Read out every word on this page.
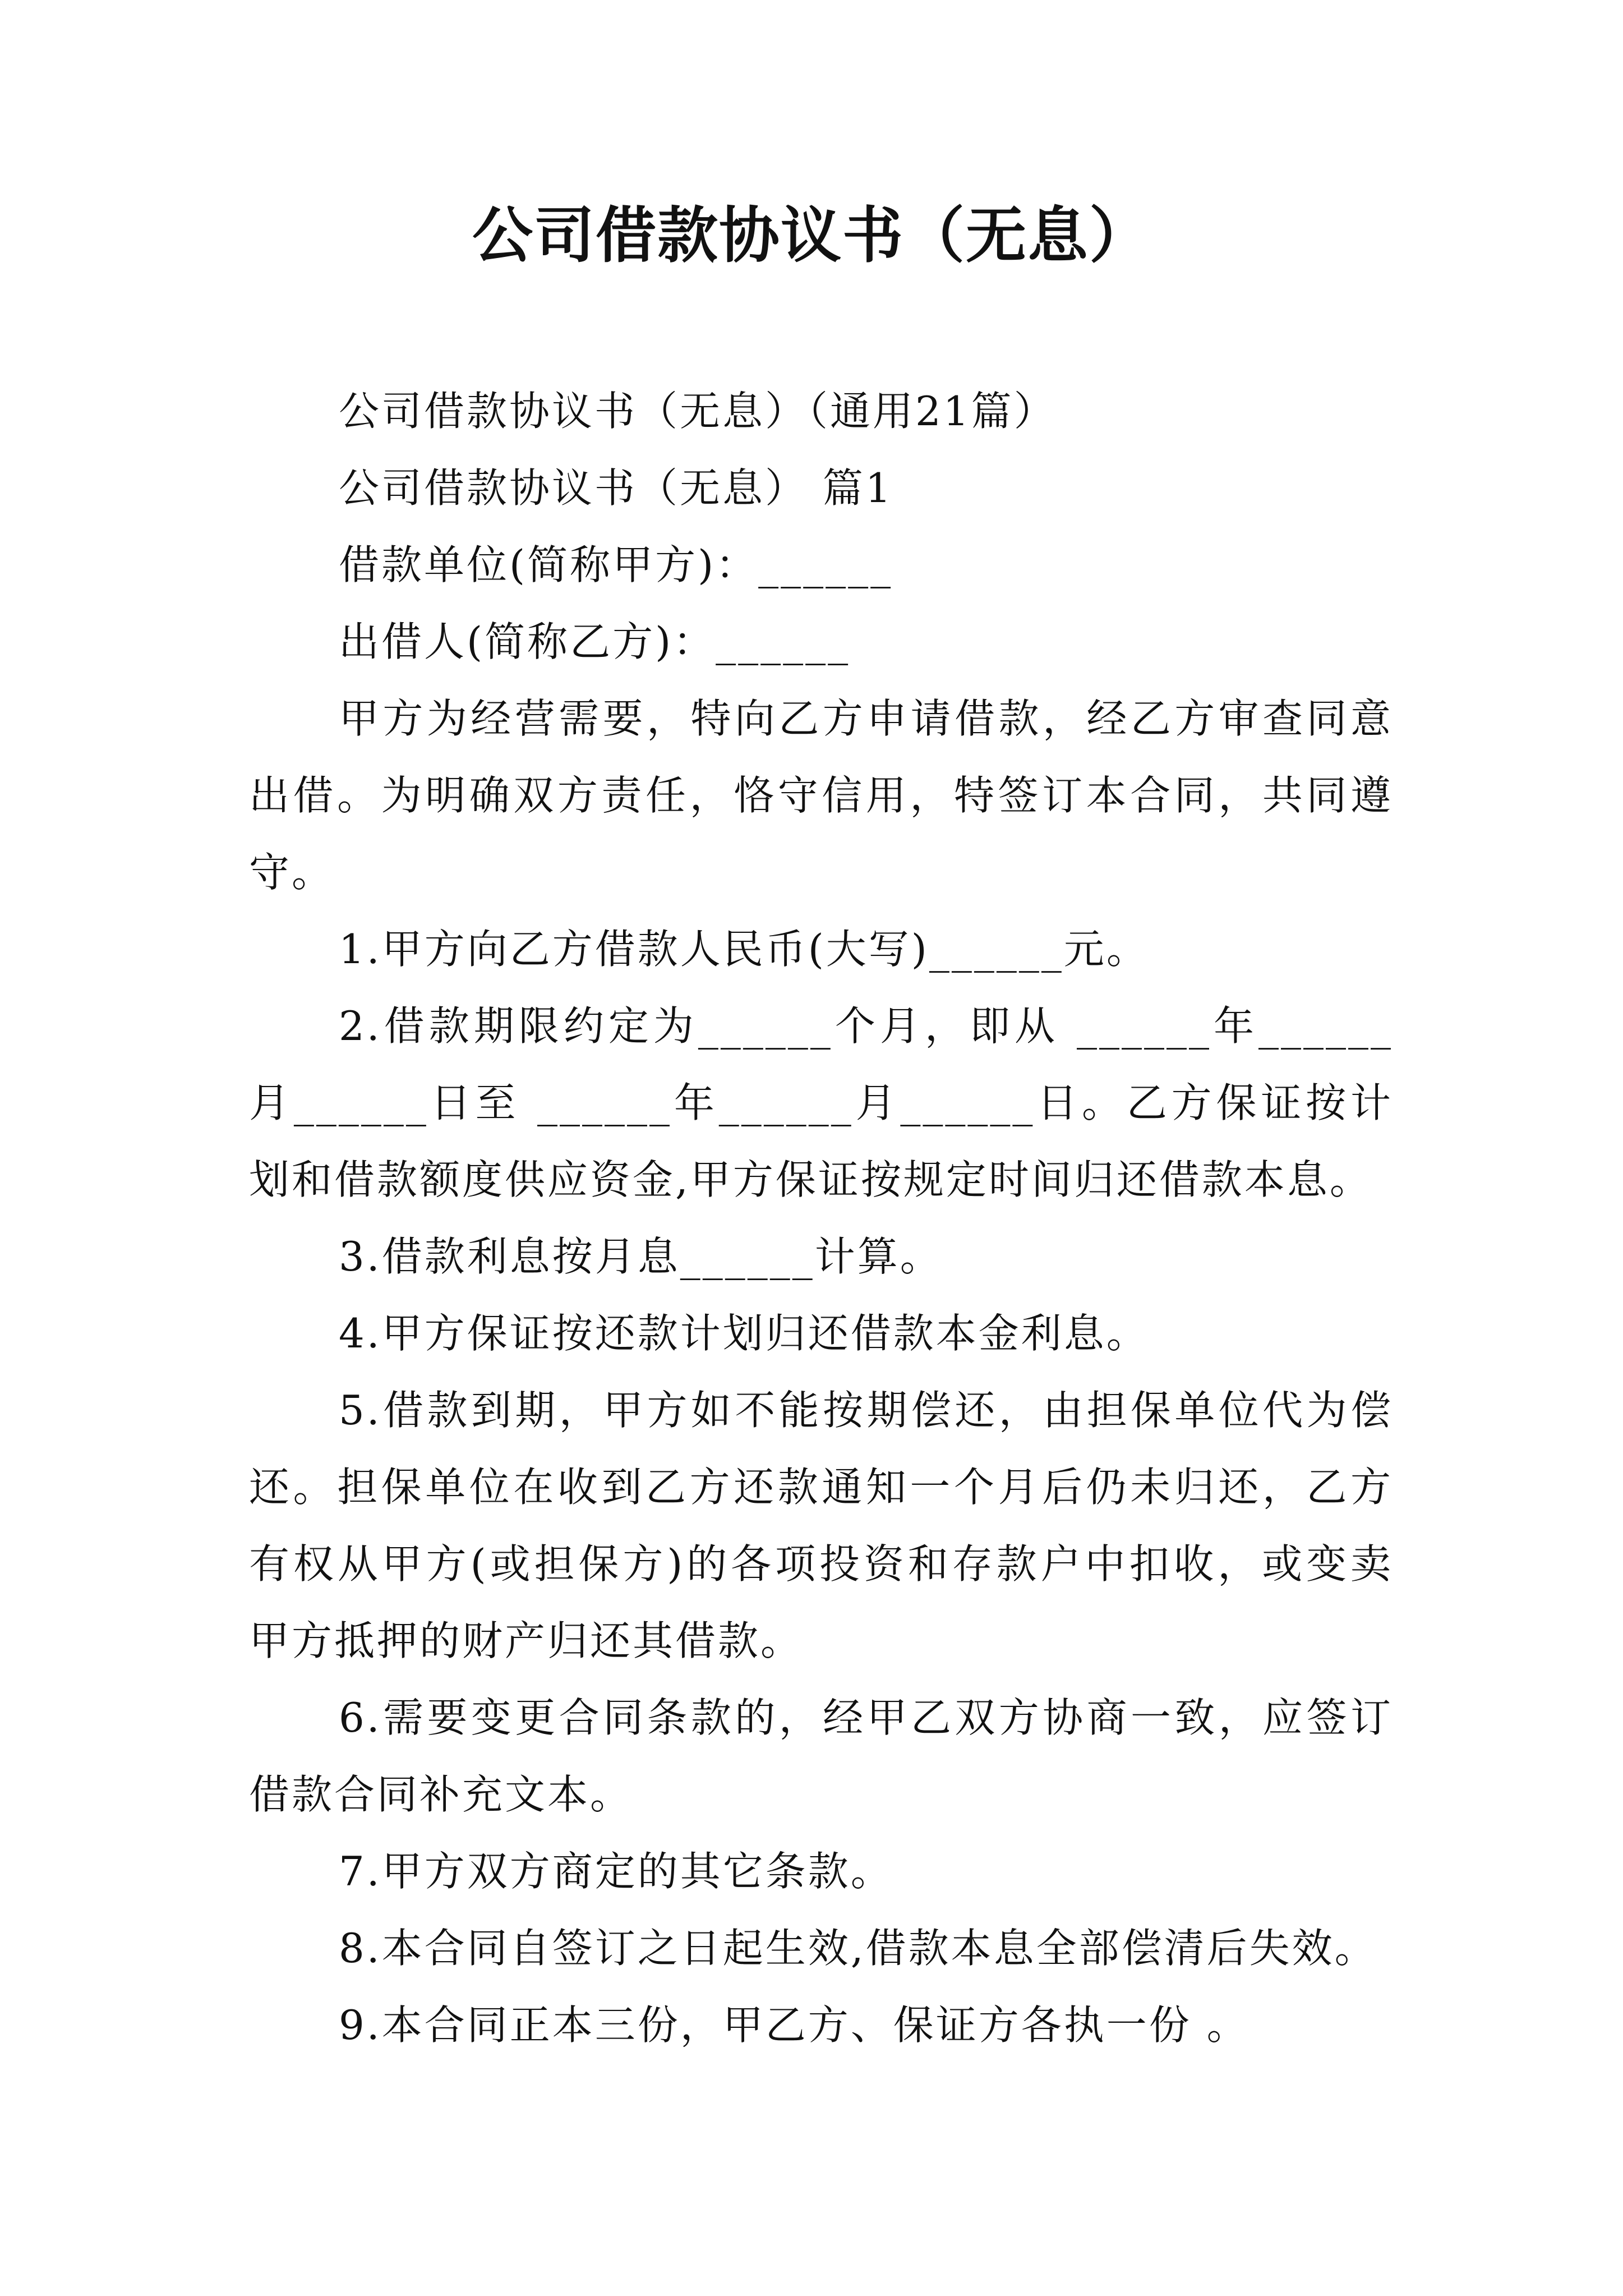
公司借款协议书（无息）

公司借款协议书（无息）（通用21篇）

公司借款协议书（无息） 篇1

借款单位(简称甲方)：______

出借人(简称乙方)：______

甲方为经营需要，特向乙方申请借款，经乙方审查同意出借。为明确双方责任，恪守信用，特签订本合同，共同遵守。

1.甲方向乙方借款人民币(大写)______元。

2.借款期限约定为______个月，即从 ______年______月______日至 ______年______月______日。乙方保证按计划和借款额度供应资金,甲方保证按规定时间归还借款本息。

3.借款利息按月息______计算。

4.甲方保证按还款计划归还借款本金利息。

5.借款到期，甲方如不能按期偿还，由担保单位代为偿还。担保单位在收到乙方还款通知一个月后仍未归还，乙方有权从甲方(或担保方)的各项投资和存款户中扣收，或变卖甲方抵押的财产归还其借款。

6.需要变更合同条款的，经甲乙双方协商一致，应签订借款合同补充文本。

7.甲方双方商定的其它条款。

8.本合同自签订之日起生效,借款本息全部偿清后失效。

9.本合同正本三份，甲乙方、保证方各执一份 。
